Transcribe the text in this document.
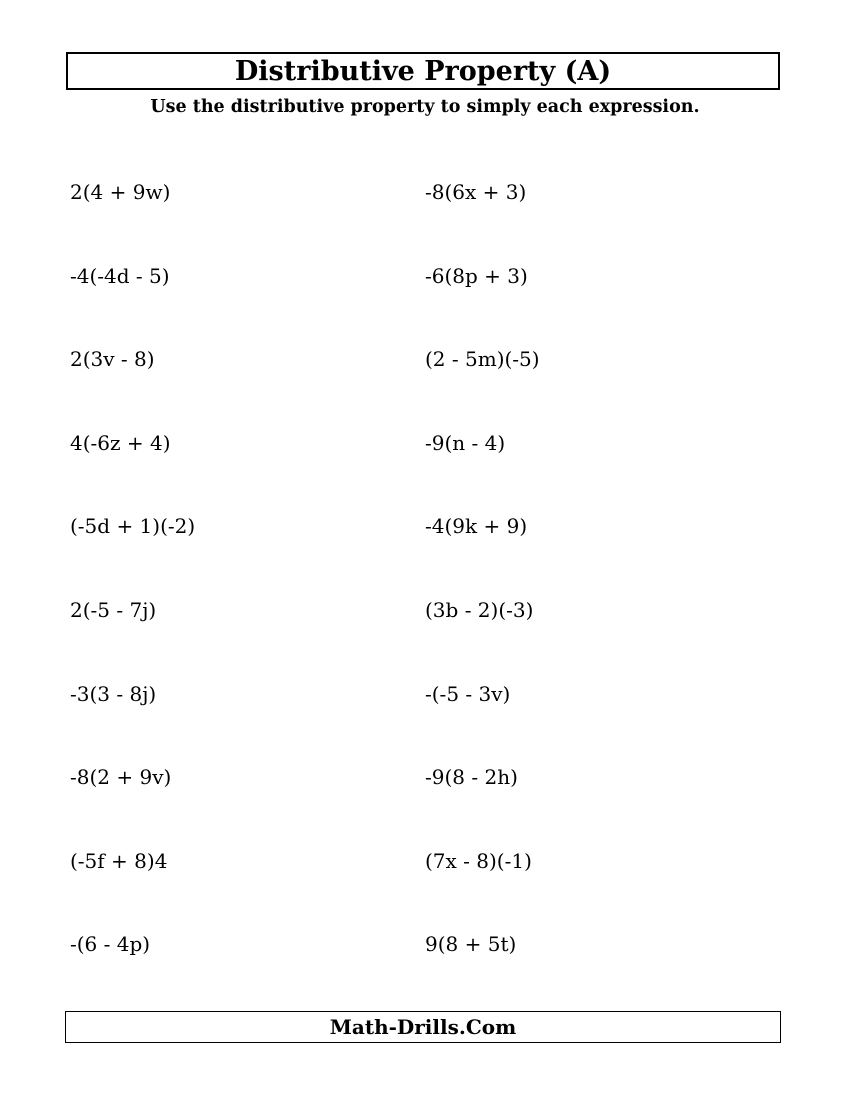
Distributive Property (A)
Use the distributive property to simply each expression.
2(4 + 9w)	-8(6x + 3)
-4(-4d - 5)	-6(8p + 3)
2(3v - 8)	(2 - 5m)(-5)
4(-6z + 4)	-9(n - 4)
(-5d + 1)(-2)	-4(9k + 9)
2(-5 - 7j)	(3b - 2)(-3)
-3(3 - 8j)	-(-5 - 3v)
-8(2 + 9v)	-9(8 - 2h)
(-5f + 8)4	(7x - 8)(-1)
-(6 - 4p)	9(8 + 5t)
Math-Drills.Com
